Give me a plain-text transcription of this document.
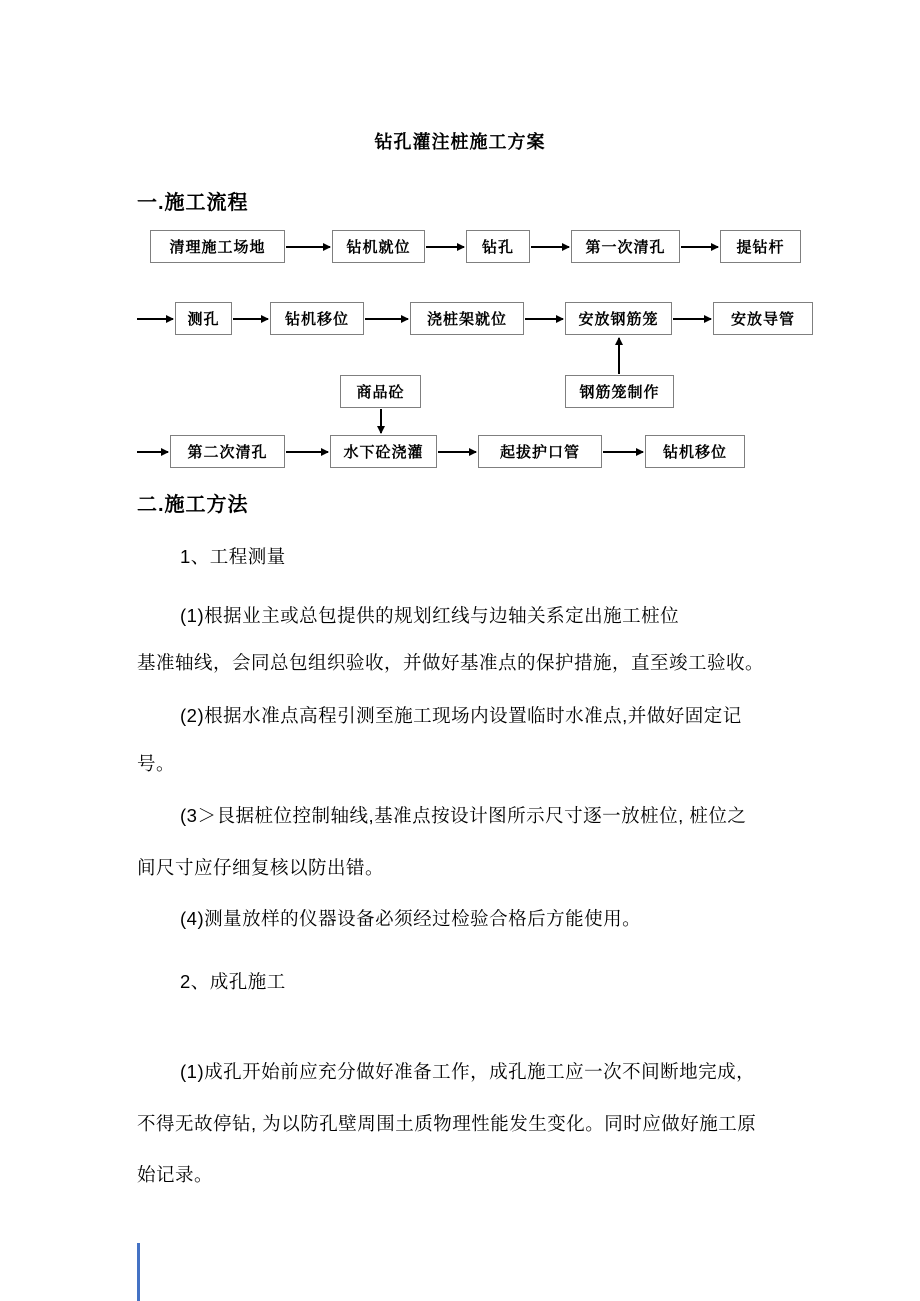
钻孔灌注桩施工方案
一.施工流程
清理施工场地	钻机就位	钻孔	第一次清孔	提钻杆
测孔	钻机移位	浇桩架就位	安放钢筋笼	安放导管
商品砼	钢筋笼制作
第二次清孔	水下砼浇灌	起拔护口管	钻机移位
二.施工方法
1、工程测量
(1)根据业主或总包提供的规划红线与边轴关系定出施工桩位
基准轴线，会同总包组织验收，并做好基准点的保护措施，直至竣工验收。
(2)根据水准点高程引测至施工现场内设置临时水准点,并做好固定记
号。
(3＞艮据桩位控制轴线,基准点按设计图所示尺寸逐一放桩位, 桩位之
间尺寸应仔细复核以防出错。
(4)测量放样的仪器设备必须经过检验合格后方能使用。
2、成孔施工
(1)成孔开始前应充分做好准备工作，成孔施工应一次不间断地完成，
不得无故停钻, 为以防孔壁周围土质物理性能发生变化。同时应做好施工原
始记录。
